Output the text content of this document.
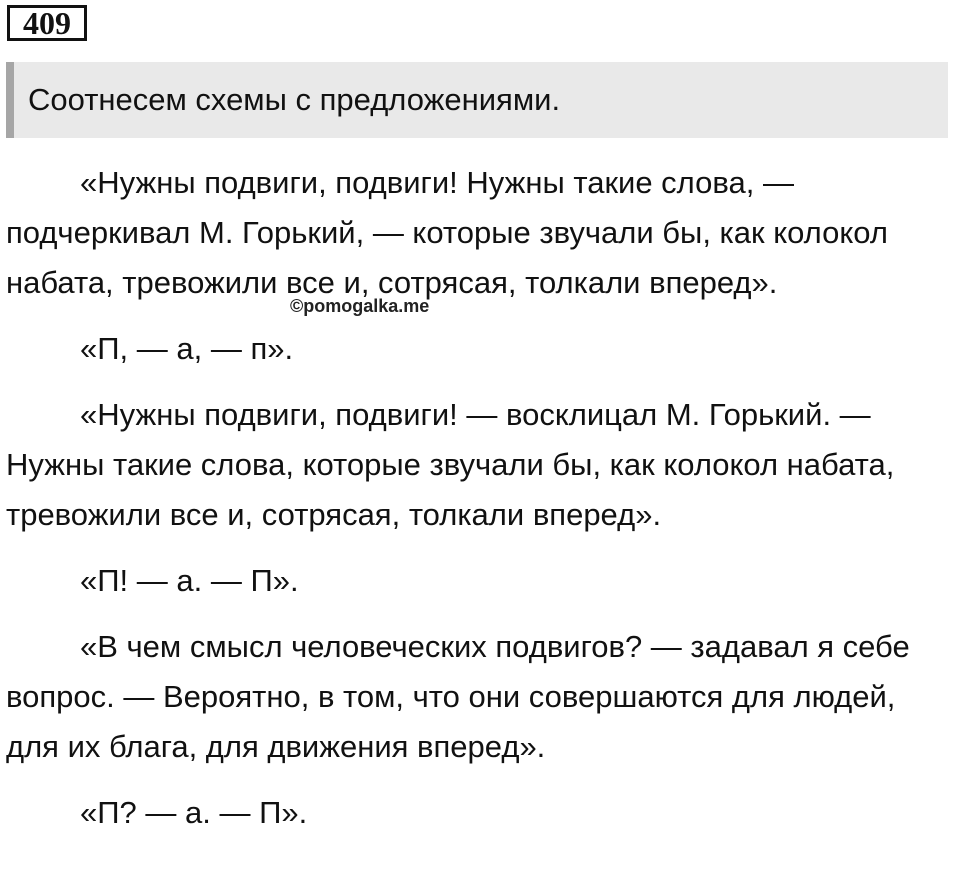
409
Соотнесем схемы с предложениями.

«Нужны подвиги, подвиги! Нужны такие слова, — подчеркивал М. Горький, — которые звучали бы, как колокол набата, тревожили все и, сотрясая, толкали вперед».

«П, — а, — п».

«Нужны подвиги, подвиги! — восклицал М. Горький. — Нужны такие слова, которые звучали бы, как колокол набата, тревожили все и, сотрясая, толкали вперед».

«П! — а. — П».

«В чем смысл человеческих подвигов? — задавал я себе вопрос. — Вероятно, в том, что они совершаются для людей, для их блага, для движения вперед».

«П? — а. — П».

©pomogalka.me
